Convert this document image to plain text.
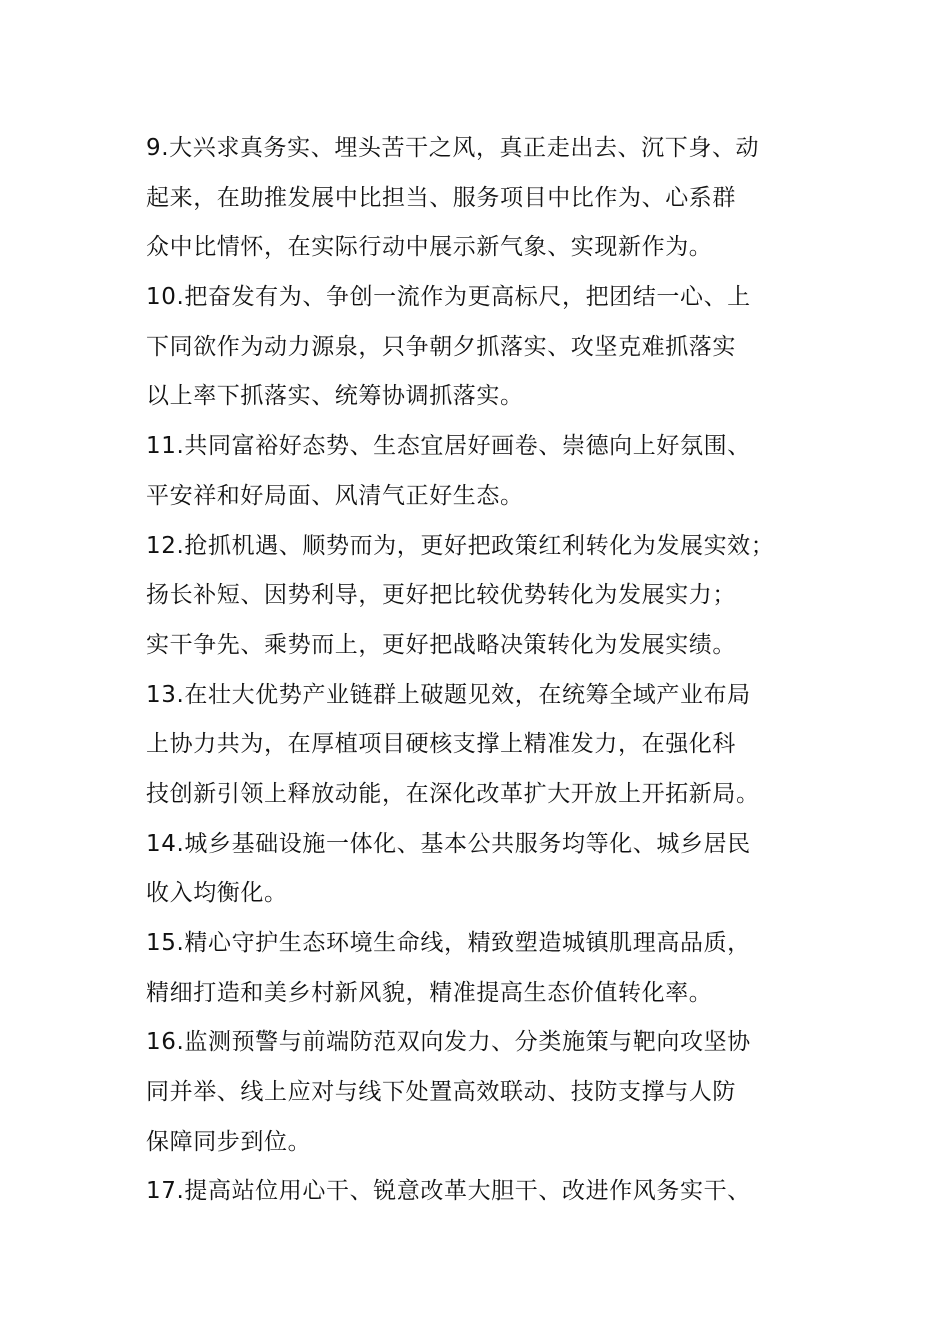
9.大兴求真务实、埋头苦干之风，真正走出去、沉下身、动
起来，在助推发展中比担当、服务项目中比作为、心系群
众中比情怀，在实际行动中展示新气象、实现新作为。
10.把奋发有为、争创一流作为更高标尺，把团结一心、上
下同欲作为动力源泉，只争朝夕抓落实、攻坚克难抓落实
以上率下抓落实、统筹协调抓落实。
11.共同富裕好态势、生态宜居好画卷、崇德向上好氛围、
平安祥和好局面、风清气正好生态。
12.抢抓机遇、顺势而为，更好把政策红利转化为发展实效；
扬长补短、因势利导，更好把比较优势转化为发展实力；
实干争先、乘势而上，更好把战略决策转化为发展实绩。
13.在壮大优势产业链群上破题见效，在统筹全域产业布局
上协力共为，在厚植项目硬核支撑上精准发力，在强化科
技创新引领上释放动能，在深化改革扩大开放上开拓新局。
14.城乡基础设施一体化、基本公共服务均等化、城乡居民
收入均衡化。
15.精心守护生态环境生命线，精致塑造城镇肌理高品质，
精细打造和美乡村新风貌，精准提高生态价值转化率。
16.监测预警与前端防范双向发力、分类施策与靶向攻坚协
同并举、线上应对与线下处置高效联动、技防支撑与人防
保障同步到位。
17.提高站位用心干、锐意改革大胆干、改进作风务实干、
